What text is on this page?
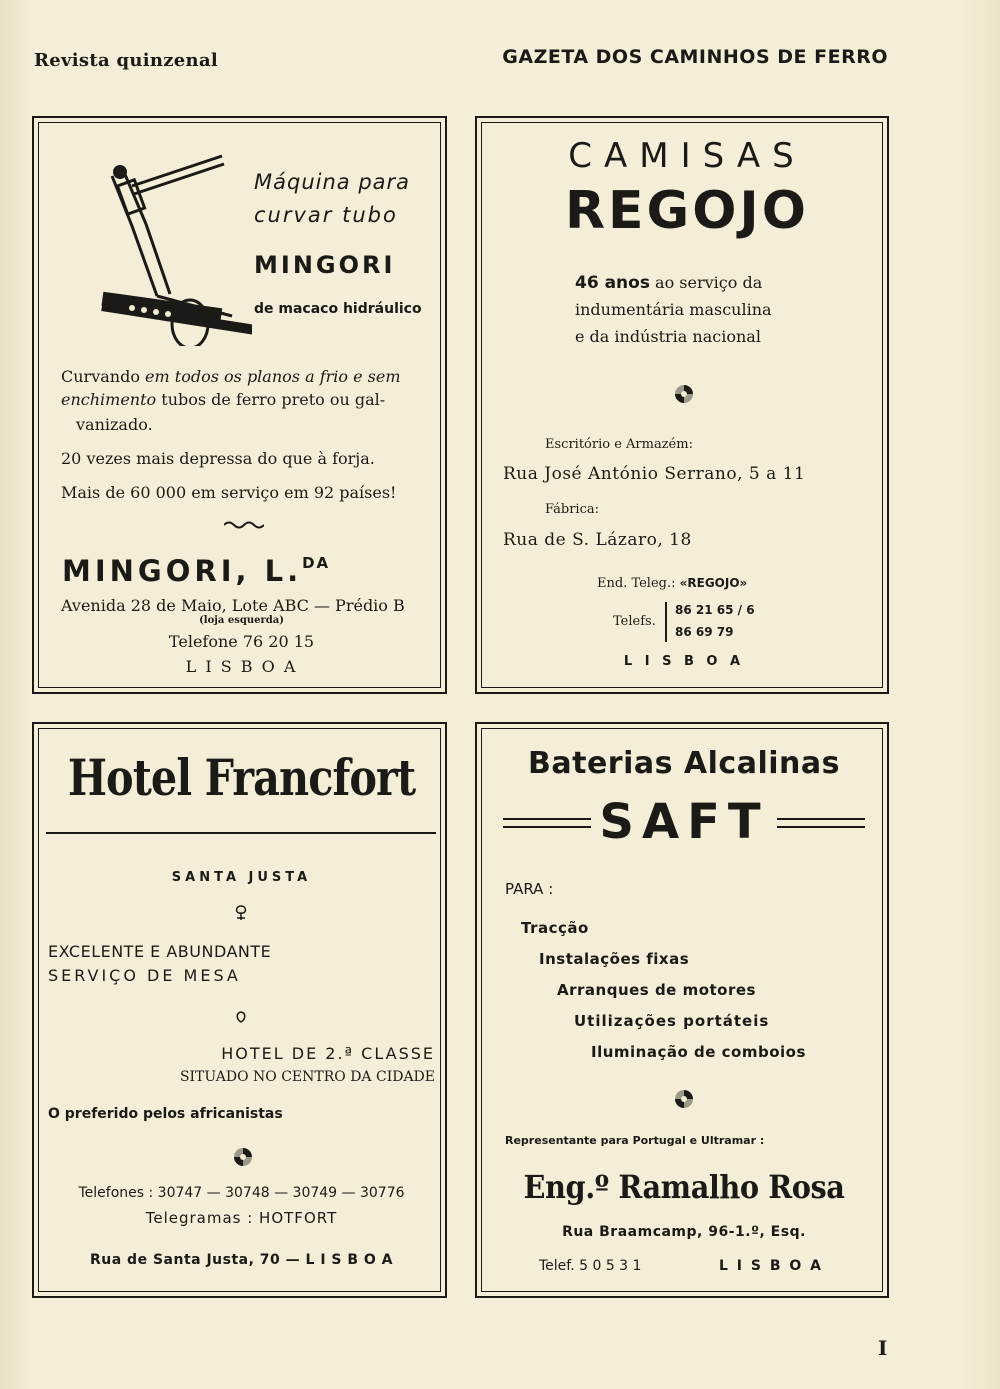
Revista quinzenal	GAZETA DOS CAMINHOS DE FERRO
Máquina para
curvar tubo
MINGORI
de macaco hidráulico
Curvando em todos os planos a frio e sem
enchimento tubos de ferro preto ou gal-
vanizado.
20 vezes mais depressa do que à forja.
Mais de 60 000 em serviço em 92 países!
MINGORI, L.$^{DA}$
Avenida 28 de Maio, Lote ABC — Prédio B
(loja esquerda)
Telefone 76 20 15
L I S B O A
CAMISAS
REGOJO
46 anos ao serviço da
indumentária masculina
e da indústria nacional
Escritório e Armazém:
Rua José António Serrano, 5 a 11
Fábrica:
Rua de S. Lázaro, 18
End. Teleg.: «REGOJO»
Telefs.
86 21 65 / 6
86 69 79
L I S B O A
Hotel Francfort
SANTA JUSTA
EXCELENTE E ABUNDANTE
SERVIÇO DE MESA
HOTEL DE 2.ª CLASSE
SITUADO NO CENTRO DA CIDADE
O preferido pelos africanistas
Telefones : 30747 — 30748 — 30749 — 30776
Telegramas : HOTFORT
Rua de Santa Justa, 70 — L I S B O A
Baterias Alcalinas
SAFT
PARA :
Tracção
Instalações fixas
Arranques de motores
Utilizações portáteis
Iluminação de comboios
Representante para Portugal e Ultramar :
Eng.º Ramalho Rosa
Rua Braamcamp, 96-1.º, Esq.
Telef. 5 0 5 3 1	L I S B O A
I
